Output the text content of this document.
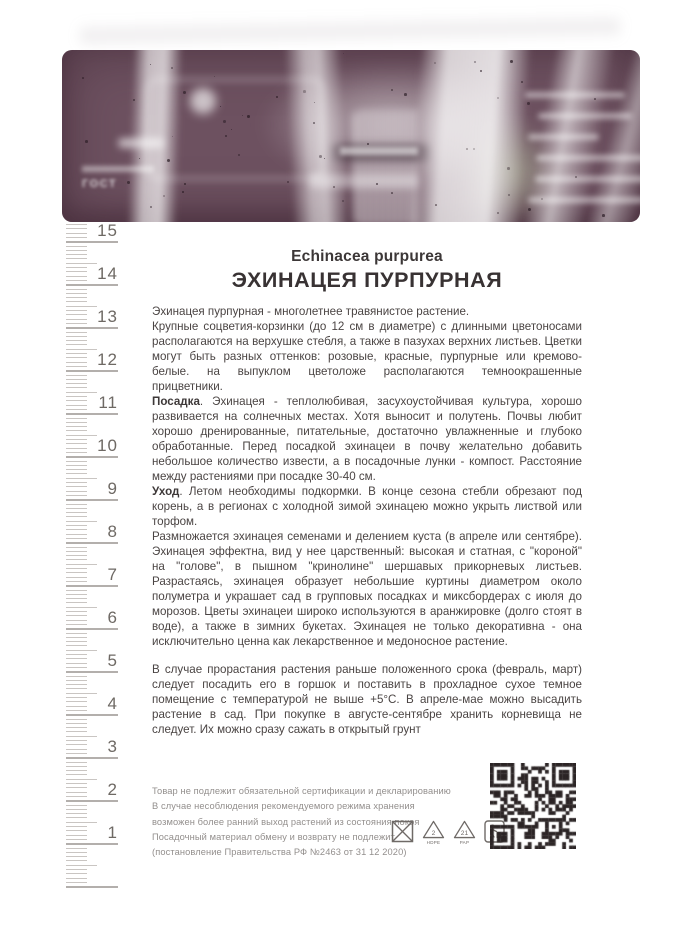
ГОСТ
15
14
13
12
11
10
9
8
7
6
5
4
3
2
1
Echinacea purpurea
ЭХИНАЦЕЯ ПУРПУРНАЯ

Эхинацея пурпурная - многолетнее травянистое растение.

Крупные соцветия-корзинки (до 12 см в диаметре) с длинными цветоносами располагаются на верхушке стебля, а также в пазухах верхних листьев. Цветки могут быть разных оттенков: розовые, красные, пурпурные или кремово-белые. на выпуклом цветоложе располагаются темноокрашенные прицветники.

Посадка. Эхинацея - теплолюбивая, засухоустойчивая культура, хорошо развивается на солнечных местах. Хотя выносит и полутень. Почвы любит хорошо дренированные, питательные, достаточно увлажненные и глубоко обработанные. Перед посадкой эхинацеи в почву желательно добавить небольшое количество извести, а в посадочные лунки - компост. Расстояние между растениями при посадке 30-40 см.

Уход. Летом необходимы подкормки. В конце сезона стебли обрезают под корень, а в регионах с холодной зимой эхинацею можно укрыть листвой или торфом.

Размножается эхинацея семенами и делением куста (в апреле или сентябре). Эхинацея эффектна, вид у нее царственный: высокая и статная, с "короной" на "голове", в пышном "кринолине" шершавых прикорневых листьев. Разрастаясь, эхинацея образует небольшие куртины диаметром около полуметра и украшает сад в групповых посадках и миксбордерах с июля до морозов. Цветы эхинацеи широко используются в аранжировке (долго стоят в воде), а также в зимних букетах. Эхинацея не только декоративна - она исключительно ценна как лекарственное и медоносное растение.

В случае прорастания растения раньше положенного срока (февраль, март) следует посадить его в горшок и поставить в прохладное сухое темное помещение с температурой не выше +5°С. В апреле-мае можно высадить растение в сад. При покупке в августе-сентябре хранить корневища не следует. Их можно сразу сажать в открытый грунт

Товар не подлежит обязательной сертификации и декларированию
В случае несоблюдения рекомендуемого режима хранения
возможен более ранний выход растений из состояния покоя
Посадочный материал обмену и возврату не подлежит
(постановление Правительства РФ №2463 от 31 12 2020)
2
HDPE
21
PAP
